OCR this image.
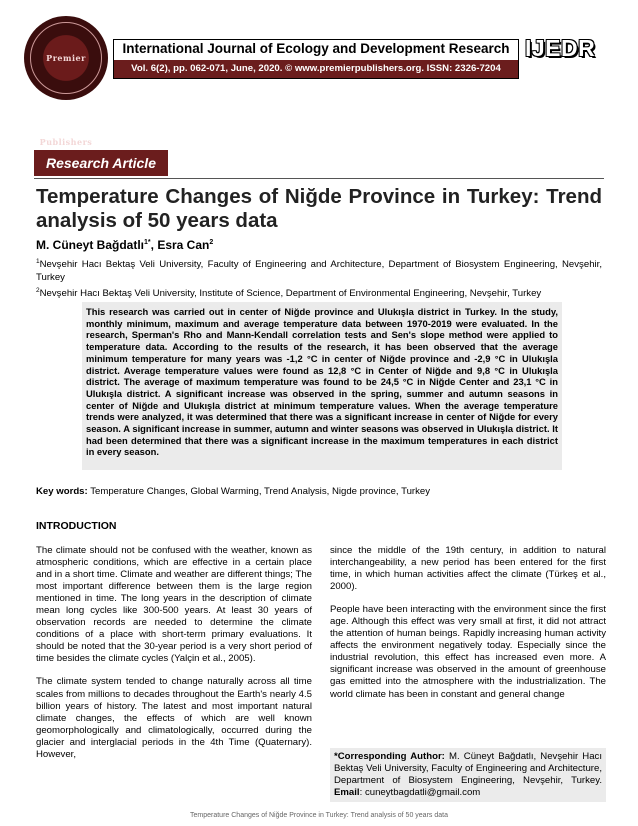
Premier Publishers
International Journal of Ecology and Development Research
Vol. 6(2), pp. 062-071, June, 2020. © www.premierpublishers.org. ISSN: 2326-7204
IJEDR
Research Article
Temperature Changes of Niğde Province in Turkey: Trend analysis of 50 years data
M. Cüneyt Bağdatlı$^{1*}$, Esra Can$^2$
$^1$Nevşehir Hacı Bektaş Veli University, Faculty of Engineering and Architecture, Department of Biosystem Engineering, Nevşehir, Turkey
$^2$Nevşehir Hacı Bektaş Veli University, Institute of Science, Department of Environmental Engineering, Nevşehir, Turkey
This research was carried out in center of Niğde province and Ulukışla district in Turkey. In the study, monthly minimum, maximum and average temperature data between 1970-2019 were evaluated. In the research, Sperman's Rho and Mann-Kendall correlation tests and Sen's slope method were applied to temperature data. According to the results of the research, it has been observed that the average minimum temperature for many years was -1,2 °C in center of Niğde province and -2,9 °C in Ulukışla district. Average temperature values were found as 12,8 °C in Center of Niğde and 9,8 °C in Ulukışla district. The average of maximum temperature was found to be 24,5 °C in Niğde Center and 23,1 °C in Ulukışla district. A significant increase was observed in the spring, summer and autumn seasons in center of Niğde and Ulukışla district at minimum temperature values. When the average temperature trends were analyzed, it was determined that there was a significant increase in center of Niğde for every season. A significant increase in summer, autumn and winter seasons was observed in Ulukışla district. It had been determined that there was a significant increase in the maximum temperatures in each district in every season.
Key words: Temperature Changes, Global Warming, Trend Analysis, Nigde province, Turkey
INTRODUCTION

The climate should not be confused with the weather, known as atmospheric conditions, which are effective in a certain place and in a short time. Climate and weather are different things; The most important difference between them is the large region mentioned in time. The long years in the description of climate mean long cycles like 300-500 years. At least 30 years of observation records are needed to determine the climate conditions of a place with short-term primary evaluations. It should be noted that the 30-year period is a very short period of time besides the climate cycles (Yalçin et al., 2005).

The climate system tended to change naturally across all time scales from millions to decades throughout the Earth's nearly 4.5 billion years of history. The latest and most important natural climate changes, the effects of which are well known geomorphologically and climatologically, occurred during the glacier and interglacial periods in the 4th Time (Quaternary). However,

since the middle of the 19th century, in addition to natural interchangeability, a new period has been entered for the first time, in which human activities affect the climate (Türkeş et al., 2000).

People have been interacting with the environment since the first age. Although this effect was very small at first, it did not attract the attention of human beings. Rapidly increasing human activity affects the environment negatively today. Especially since the industrial revolution, this effect has increased even more. A significant increase was observed in the amount of greenhouse gas emitted into the atmosphere with the industrialization. The world climate has been in constant and general change

*Corresponding Author: M. Cüneyt Bağdatlı, Nevşehir Hacı Bektaş Veli University, Faculty of Engineering and Architecture, Department of Biosystem Engineering, Nevşehir, Turkey. Email: cuneytbagdatli@gmail.com
Temperature Changes of Niğde Province in Turkey: Trend analysis of 50 years data
